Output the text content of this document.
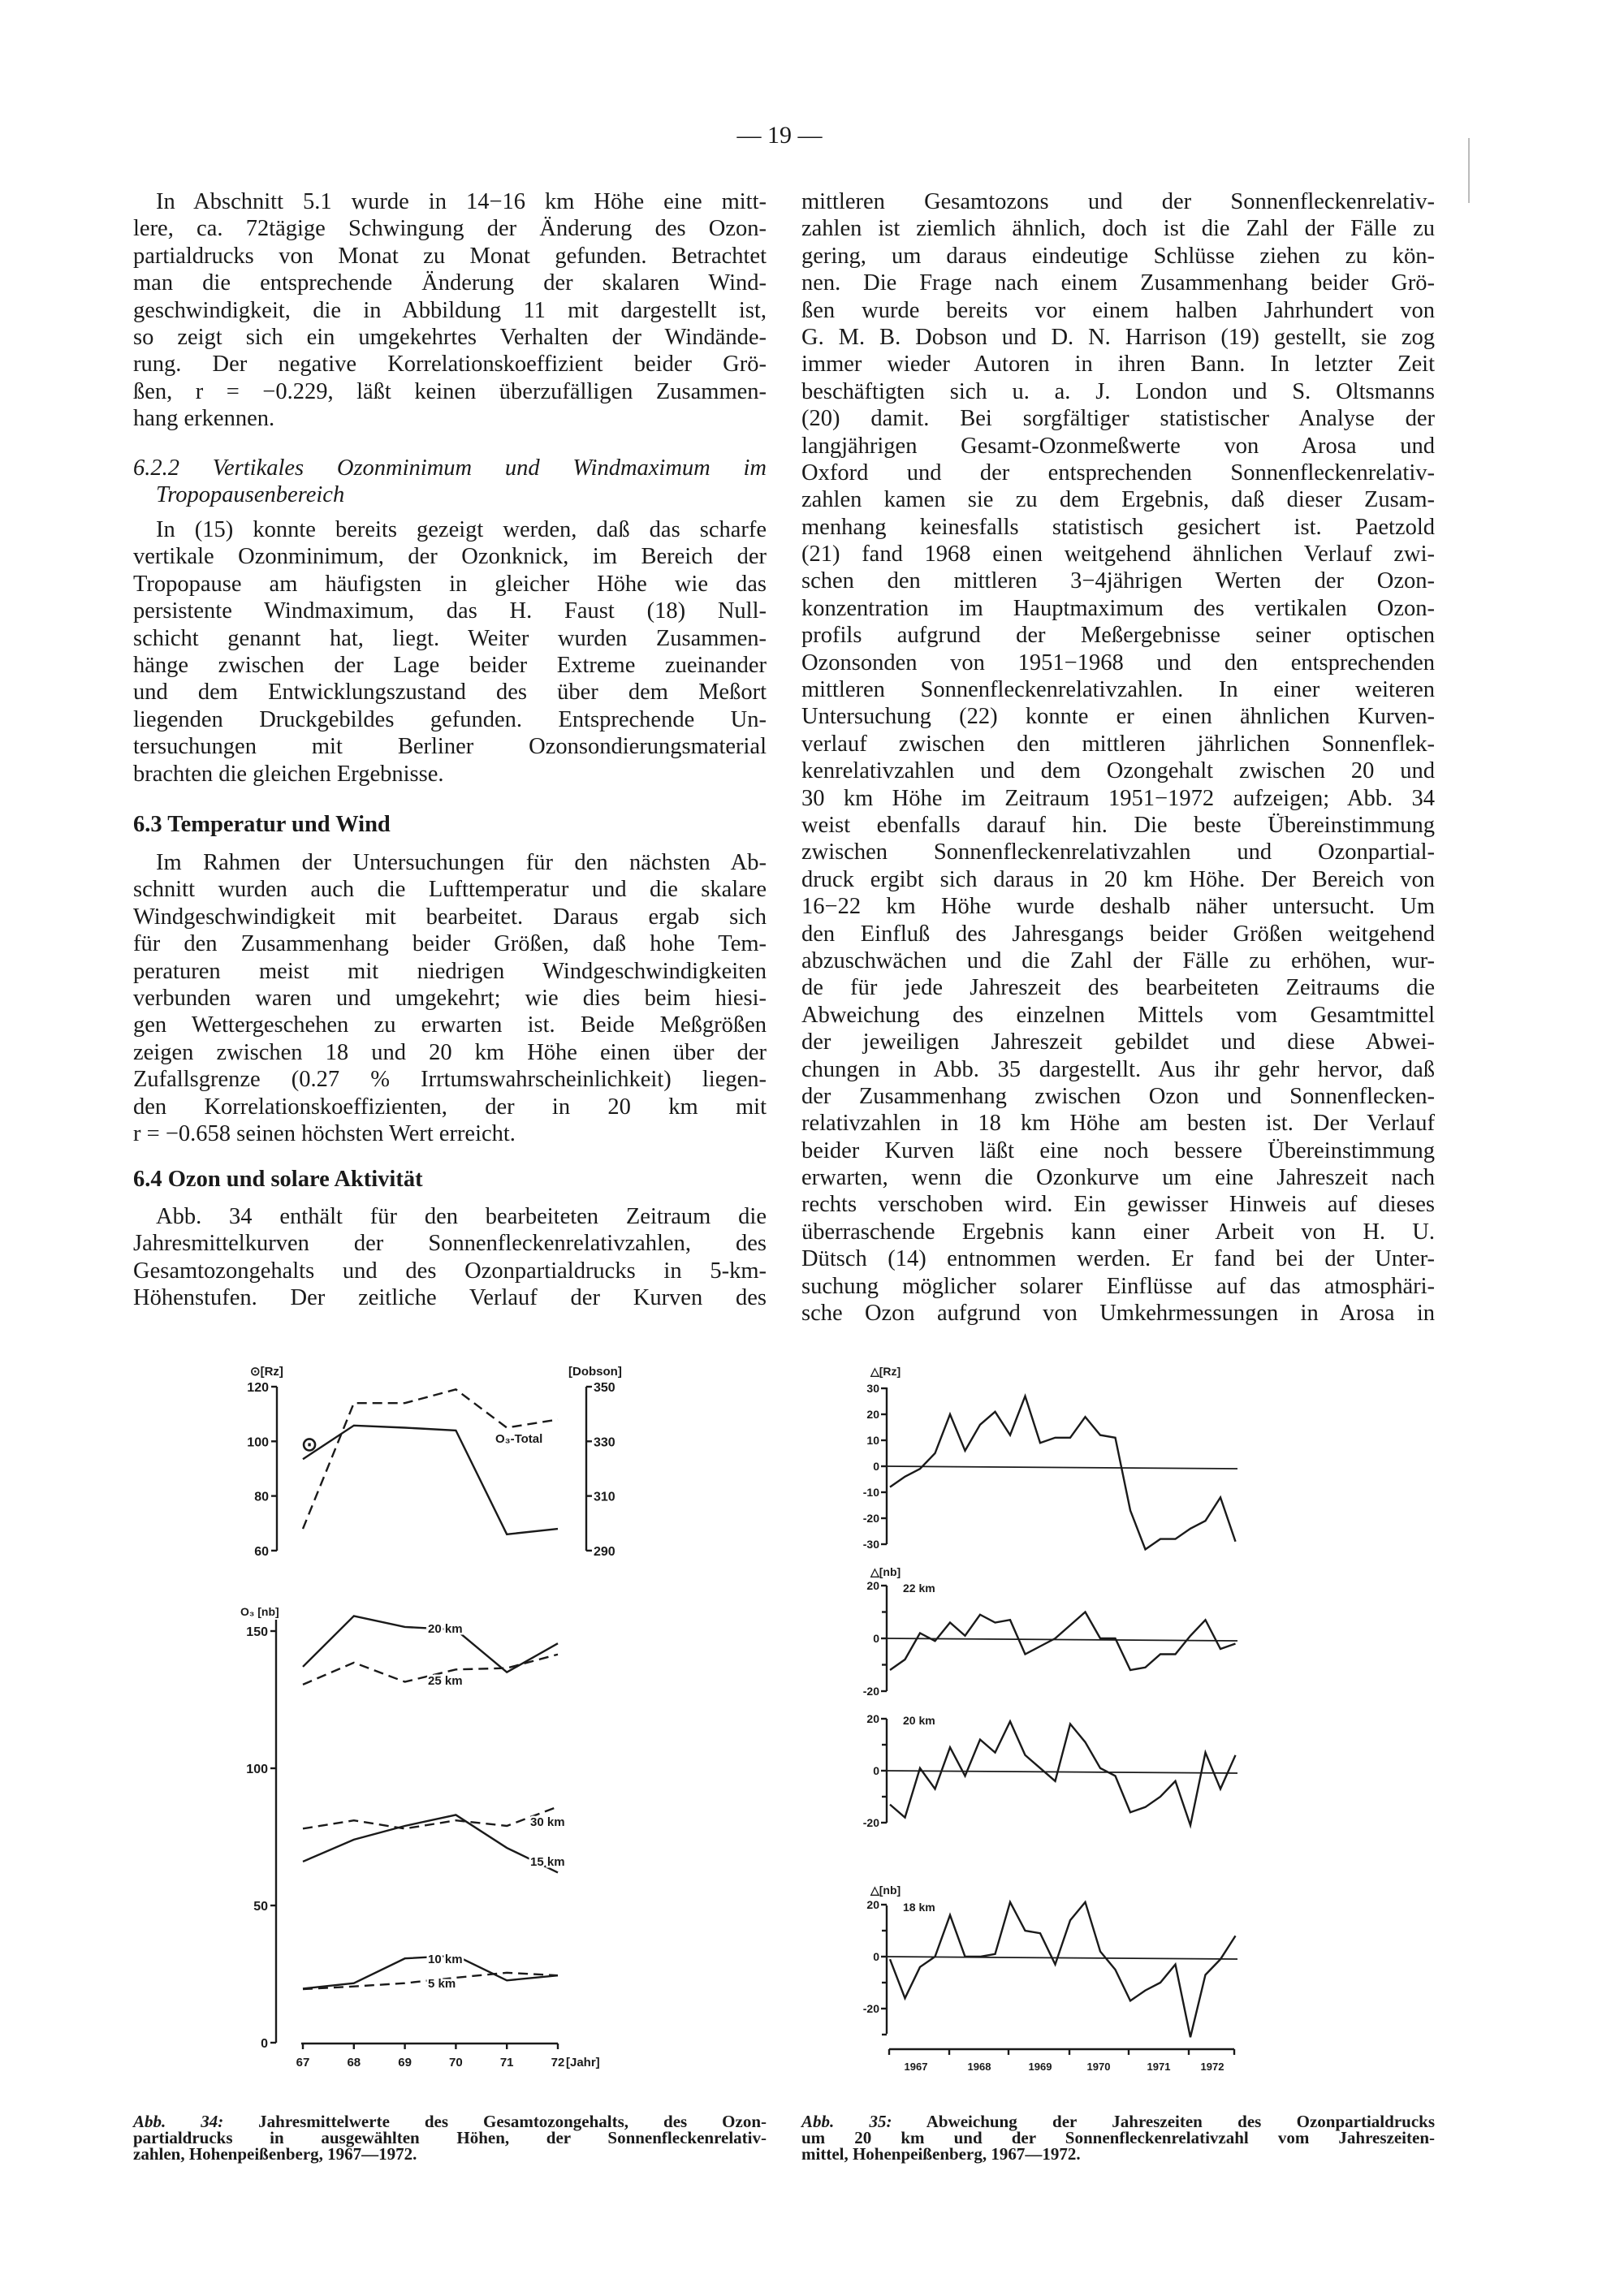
— 19 —
In Abschnitt 5.1 wurde in 14−16 km Höhe eine mitt-
lere, ca. 72tägige Schwingung der Änderung des Ozon-
partialdrucks von Monat zu Monat gefunden. Betrachtet
man die entsprechende Änderung der skalaren Wind-
geschwindigkeit, die in Abbildung 11 mit dargestellt ist,
so zeigt sich ein umgekehrtes Verhalten der Windände-
rung. Der negative Korrelationskoeffizient beider Grö-
ßen, r = −0.229, läßt keinen überzufälligen Zusammen-
hang erkennen.
6.2.2 Vertikales Ozonminimum und Windmaximum im
Tropopausenbereich
In (15) konnte bereits gezeigt werden, daß das scharfe
vertikale Ozonminimum, der Ozonknick, im Bereich der
Tropopause am häufigsten in gleicher Höhe wie das
persistente Windmaximum, das H. Faust (18) Null-
schicht genannt hat, liegt. Weiter wurden Zusammen-
hänge zwischen der Lage beider Extreme zueinander
und dem Entwicklungszustand des über dem Meßort
liegenden Druckgebildes gefunden. Entsprechende Un-
tersuchungen mit Berliner Ozonsondierungsmaterial
brachten die gleichen Ergebnisse.
6.3 Temperatur und Wind
Im Rahmen der Untersuchungen für den nächsten Ab-
schnitt wurden auch die Lufttemperatur und die skalare
Windgeschwindigkeit mit bearbeitet. Daraus ergab sich
für den Zusammenhang beider Größen, daß hohe Tem-
peraturen meist mit niedrigen Windgeschwindigkeiten
verbunden waren und umgekehrt; wie dies beim hiesi-
gen Wettergeschehen zu erwarten ist. Beide Meßgrößen
zeigen zwischen 18 und 20 km Höhe einen über der
Zufallsgrenze (0.27 % Irrtumswahrscheinlichkeit) liegen-
den Korrelationskoeffizienten, der in 20 km mit
r = −0.658 seinen höchsten Wert erreicht.
6.4 Ozon und solare Aktivität
Abb. 34 enthält für den bearbeiteten Zeitraum die
Jahresmittelkurven der Sonnenfleckenrelativzahlen, des
Gesamtozongehalts und des Ozonpartialdrucks in 5-km-
Höhenstufen. Der zeitliche Verlauf der Kurven des
mittleren Gesamtozons und der Sonnenfleckenrelativ-
zahlen ist ziemlich ähnlich, doch ist die Zahl der Fälle zu
gering, um daraus eindeutige Schlüsse ziehen zu kön-
nen. Die Frage nach einem Zusammenhang beider Grö-
ßen wurde bereits vor einem halben Jahrhundert von
G. M. B. Dobson und D. N. Harrison (19) gestellt, sie zog
immer wieder Autoren in ihren Bann. In letzter Zeit
beschäftigten sich u. a. J. London und S. Oltsmanns
(20) damit. Bei sorgfältiger statistischer Analyse der
langjährigen Gesamt-Ozonmeßwerte von Arosa und
Oxford und der entsprechenden Sonnenfleckenrelativ-
zahlen kamen sie zu dem Ergebnis, daß dieser Zusam-
menhang keinesfalls statistisch gesichert ist. Paetzold
(21) fand 1968 einen weitgehend ähnlichen Verlauf zwi-
schen den mittleren 3−4jährigen Werten der Ozon-
konzentration im Hauptmaximum des vertikalen Ozon-
profils aufgrund der Meßergebnisse seiner optischen
Ozonsonden von 1951−1968 und den entsprechenden
mittleren Sonnenfleckenrelativzahlen. In einer weiteren
Untersuchung (22) konnte er einen ähnlichen Kurven-
verlauf zwischen den mittleren jährlichen Sonnenflek-
kenrelativzahlen und dem Ozongehalt zwischen 20 und
30 km Höhe im Zeitraum 1951−1972 aufzeigen; Abb. 34
weist ebenfalls darauf hin. Die beste Übereinstimmung
zwischen Sonnenfleckenrelativzahlen und Ozonpartial-
druck ergibt sich daraus in 20 km Höhe. Der Bereich von
16−22 km Höhe wurde deshalb näher untersucht. Um
den Einfluß des Jahresgangs beider Größen weitgehend
abzuschwächen und die Zahl der Fälle zu erhöhen, wur-
de für jede Jahreszeit des bearbeiteten Zeitraums die
Abweichung des einzelnen Mittels vom Gesamtmittel
der jeweiligen Jahreszeit gebildet und diese Abwei-
chungen in Abb. 35 dargestellt. Aus ihr gehr hervor, daß
der Zusammenhang zwischen Ozon und Sonnenflecken-
relativzahlen in 18 km Höhe am besten ist. Der Verlauf
beider Kurven läßt eine noch bessere Übereinstimmung
erwarten, wenn die Ozonkurve um eine Jahreszeit nach
rechts verschoben wird. Ein gewisser Hinweis auf dieses
überraschende Ergebnis kann einer Arbeit von H. U.
Dütsch (14) entnommen werden. Er fand bei der Unter-
suchung möglicher solarer Einflüsse auf das atmosphäri-
sche Ozon aufgrund von Umkehrmessungen in Arosa in
⊙[Rz]	[Dobson]
120
100
80
60
350
330
310
290
⊙	O₃-Total
O₃ [nb]
150
100
50
0
20 km
25 km
30 km
15 km
10 km
5 km
67	68	69	70	71	72 [Jahr]
△[Rz]
30
20
10
0
-10
-20
-30
△[nb]
22 km
20
0
-20
20 km
20
0
-20
△[nb]
18 km
20
0
-20
1967	1968	1969	1970	1971	1972
Abb. 34: Jahresmittelwerte des Gesamtozongehalts, des Ozon-
partialdrucks in ausgewählten Höhen, der Sonnenfleckenrelativ-
zahlen, Hohenpeißenberg, 1967—1972.
Abb. 35: Abweichung der Jahreszeiten des Ozonpartialdrucks
um 20 km und der Sonnenfleckenrelativzahl vom Jahreszeiten-
mittel, Hohenpeißenberg, 1967—1972.
